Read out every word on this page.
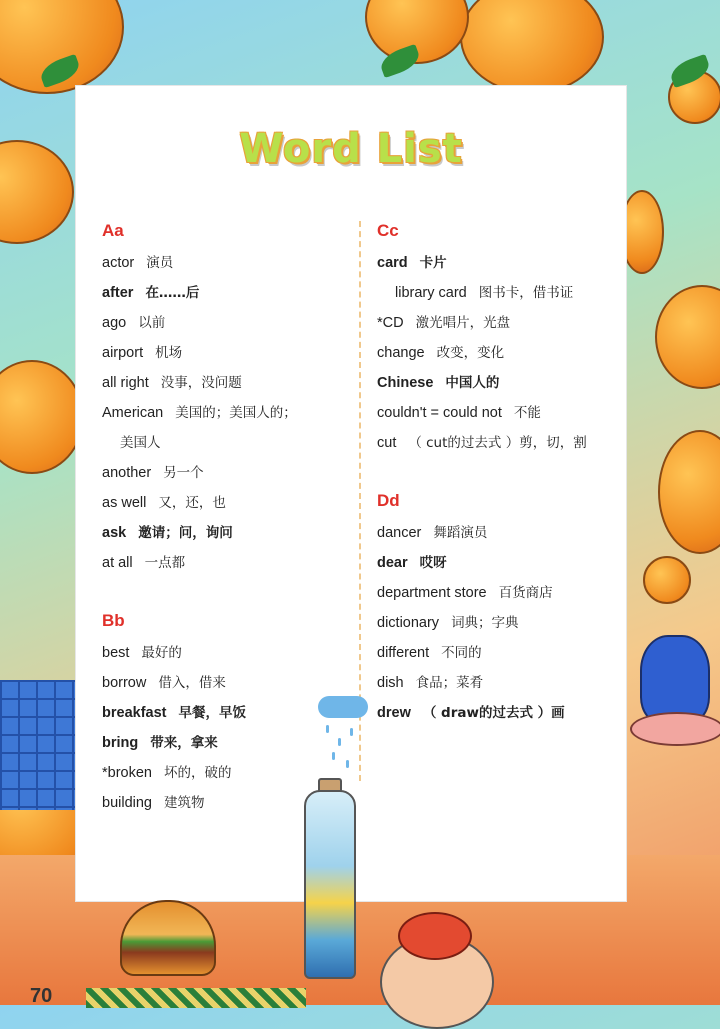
Word List
Aa
actor 演员
after 在……后
ago 以前
airport 机场
all right 没事，没问题
American 美国的；美国人的；
美国人
another 另一个
as well 又，还，也
ask 邀请；问，询问
at all 一点都
Bb
best 最好的
borrow 借入，借来
breakfast 早餐，早饭
bring 带来，拿来
*broken 坏的，破的
building 建筑物
Cc
card 卡片
library card 图书卡，借书证
*CD 激光唱片，光盘
change 改变，变化
Chinese 中国人的
couldn't = could not 不能
cut （ cut的过去式 ）剪，切，割
Dd
dancer 舞蹈演员
dear 哎呀
department store 百货商店
dictionary 词典；字典
different 不同的
dish 食品；菜肴
drew （ draw的过去式 ）画
70
